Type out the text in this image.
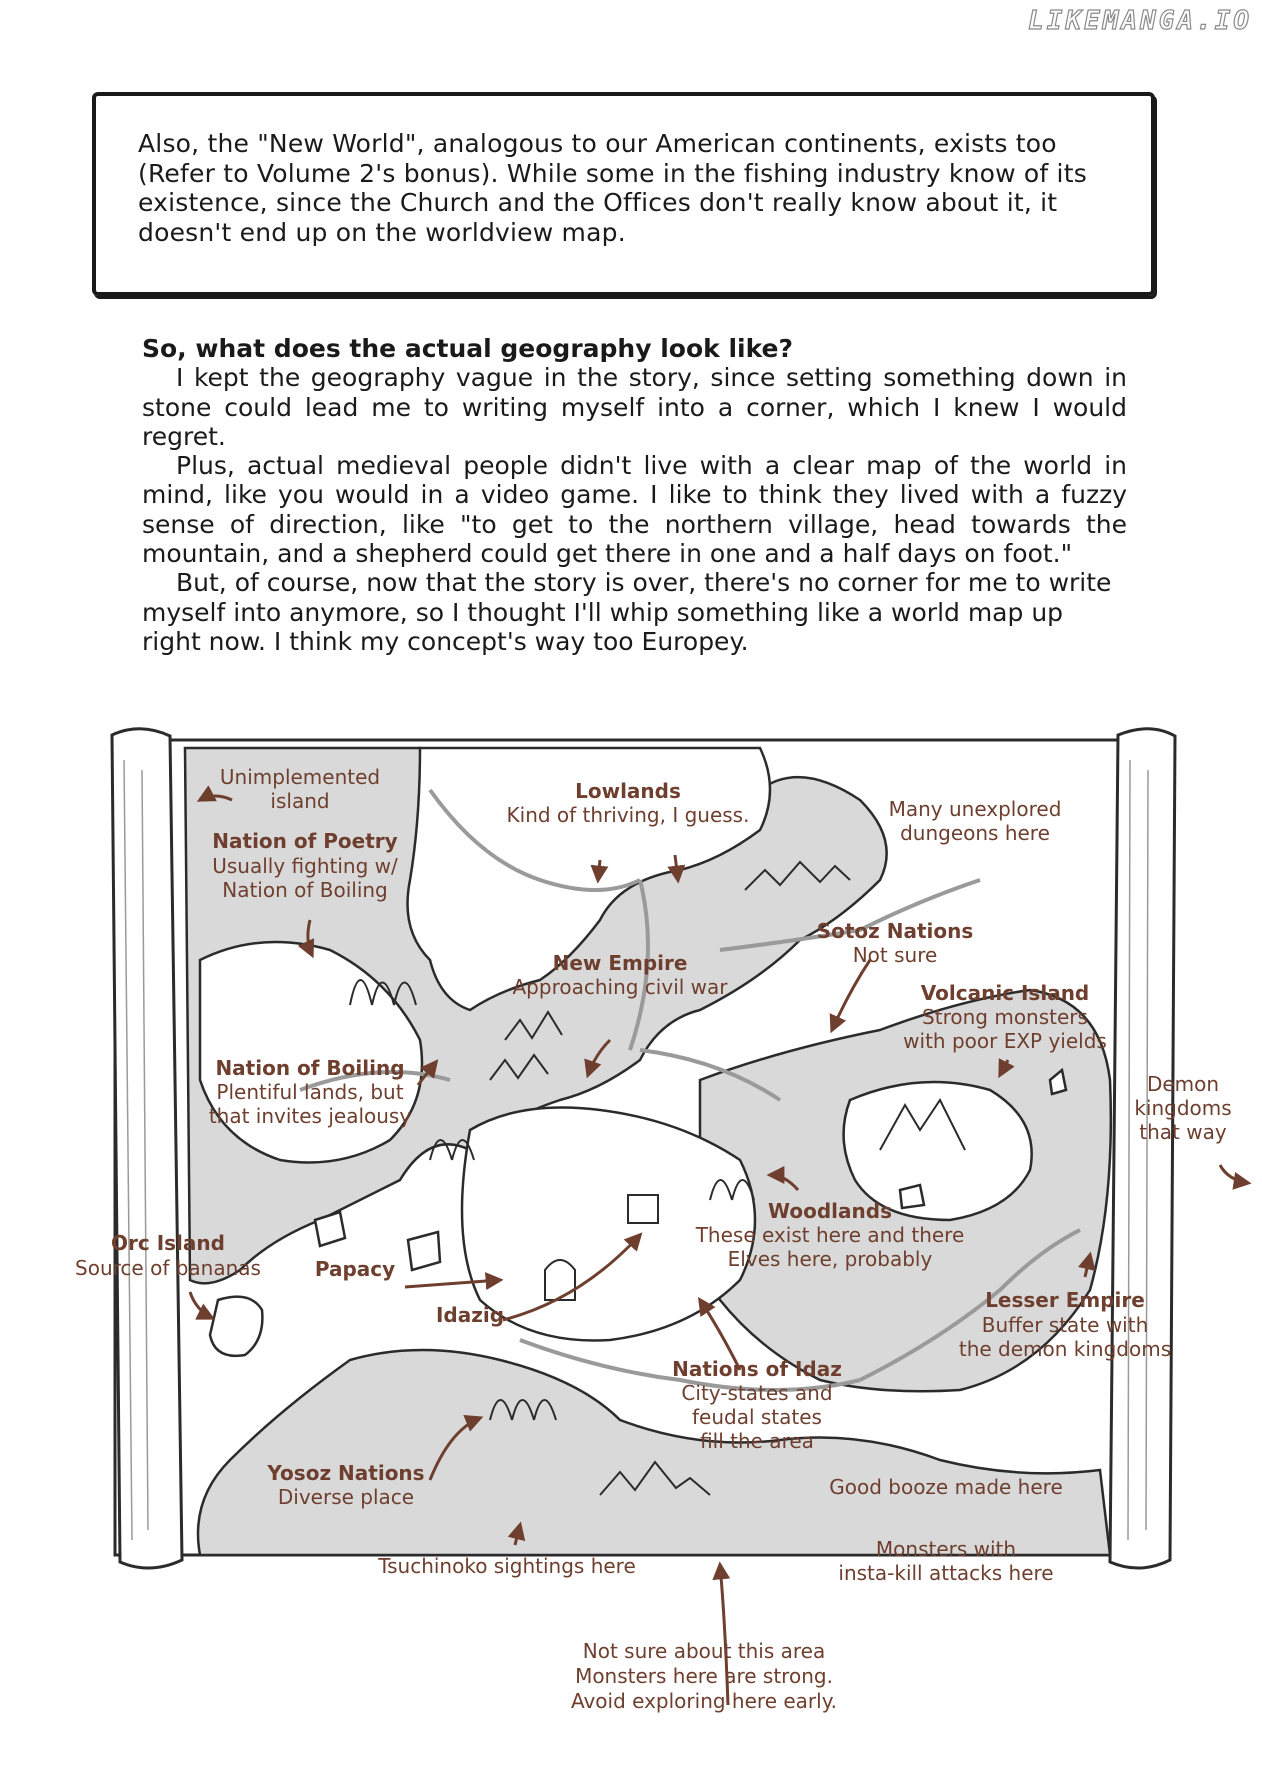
LIKEMANGA.IO
Also, the "New World", analogous to our American continents, exists too (Refer to Volume 2's bonus). While some in the fishing industry know of its existence, since the Church and the Offices don't really know about it, it doesn't end up on the worldview map.
So, what does the actual geography look like?

I kept the geography vague in the story, since setting something down in stone could lead me to writing myself into a corner, which I knew I would regret.

Plus, actual medieval people didn't live with a clear map of the world in mind, like you would in a video game. I like to think they lived with a fuzzy sense of direction, like "to get to the northern village, head towards the mountain, and a shepherd could get there in one and a half days on foot."

But, of course, now that the story is over, there's no corner for me to write myself into anymore, so I thought I'll whip something like a world map up right now. I think my concept's way too Europey.

Unimplemented island	Lowlands
Kind of thriving, I guess.	Many unexplored dungeons here
Nation of Poetry
Usually fighting w/ Nation of Boiling
Sotoz Nations
Not sure
New Empire
Approaching civil war	Volcanic Island
Strong monsters with poor EXP yields
Nation of Boiling
Plentiful lands, but that invites jealousy
Demon kingdoms that way
Woodlands
These exist here and there Elves here, probably
Orc Island
Source of bananas	Papacy
Idazig
Lesser Empire
Buffer state with the demon kingdoms
Nations of Idaz
City-states and feudal states fill the area
Yosoz Nations
Diverse place	Good booze made here
Tsuchinoko sightings here
Monsters with insta-kill attacks here
Not sure about this area Monsters here are strong. Avoid exploring here early.
